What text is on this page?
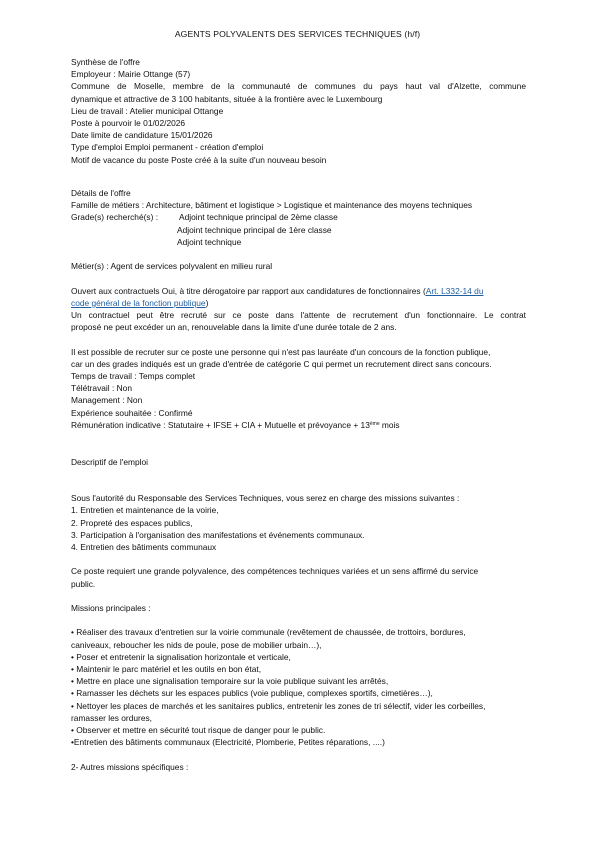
AGENTS POLYVALENTS DES SERVICES TECHNIQUES (h/f)
Synthèse de l'offre
Employeur : Mairie Ottange (57)
Commune de Moselle, membre de la communauté de communes du pays haut val d'Alzette, commune
dynamique et attractive de 3 100 habitants, située à la frontière avec le Luxembourg
Lieu de travail : Atelier municipal Ottange
Poste à pourvoir le 01/02/2026
Date limite de candidature 15/01/2026
Type d'emploi Emploi permanent - création d'emploi
Motif de vacance du poste Poste créé à la suite d'un nouveau besoin
Détails de l'offre
Famille de métiers : Architecture, bâtiment et logistique > Logistique et maintenance des moyens techniques
Grade(s) recherché(s) :	Adjoint technique principal de 2ème classe
Adjoint technique principal de 1ère classe
Adjoint technique
Métier(s) : Agent de services polyvalent en milieu rural
Ouvert aux contractuels Oui, à titre dérogatoire par rapport aux candidatures de fonctionnaires (Art. L332-14 du
code général de la fonction publique)
Un contractuel peut être recruté sur ce poste dans l'attente de recrutement d'un fonctionnaire. Le contrat
proposé ne peut excéder un an, renouvelable dans la limite d'une durée totale de 2 ans.
Il est possible de recruter sur ce poste une personne qui n'est pas lauréate d'un concours de la fonction publique,
car un des grades indiqués est un grade d'entrée de catégorie C qui permet un recrutement direct sans concours.
Temps de travail : Temps complet
Télétravail : Non
Management : Non
Expérience souhaitée : Confirmé
Rémunération indicative : Statutaire + IFSE + CIA + Mutuelle et prévoyance + 13ème mois
Descriptif de l'emploi
Sous l'autorité du Responsable des Services Techniques, vous serez en charge des missions suivantes :
1. Entretien et maintenance de la voirie,
2. Propreté des espaces publics,
3. Participation à l'organisation des manifestations et événements communaux.
4. Entretien des bâtiments communaux
Ce poste requiert une grande polyvalence, des compétences techniques variées et un sens affirmé du service
public.
Missions principales :
• Réaliser des travaux d'entretien sur la voirie communale (revêtement de chaussée, de trottoirs, bordures,
caniveaux, reboucher les nids de poule, pose de mobilier urbain…),
• Poser et entretenir la signalisation horizontale et verticale,
• Maintenir le parc matériel et les outils en bon état,
• Mettre en place une signalisation temporaire sur la voie publique suivant les arrêtés,
• Ramasser les déchets sur les espaces publics (voie publique, complexes sportifs, cimetières…),
• Nettoyer les places de marchés et les sanitaires publics, entretenir les zones de tri sélectif, vider les corbeilles,
ramasser les ordures,
• Observer et mettre en sécurité tout risque de danger pour le public.
•Entretien des bâtiments communaux (Electricité, Plomberie, Petites réparations, ....)
2- Autres missions spécifiques :
